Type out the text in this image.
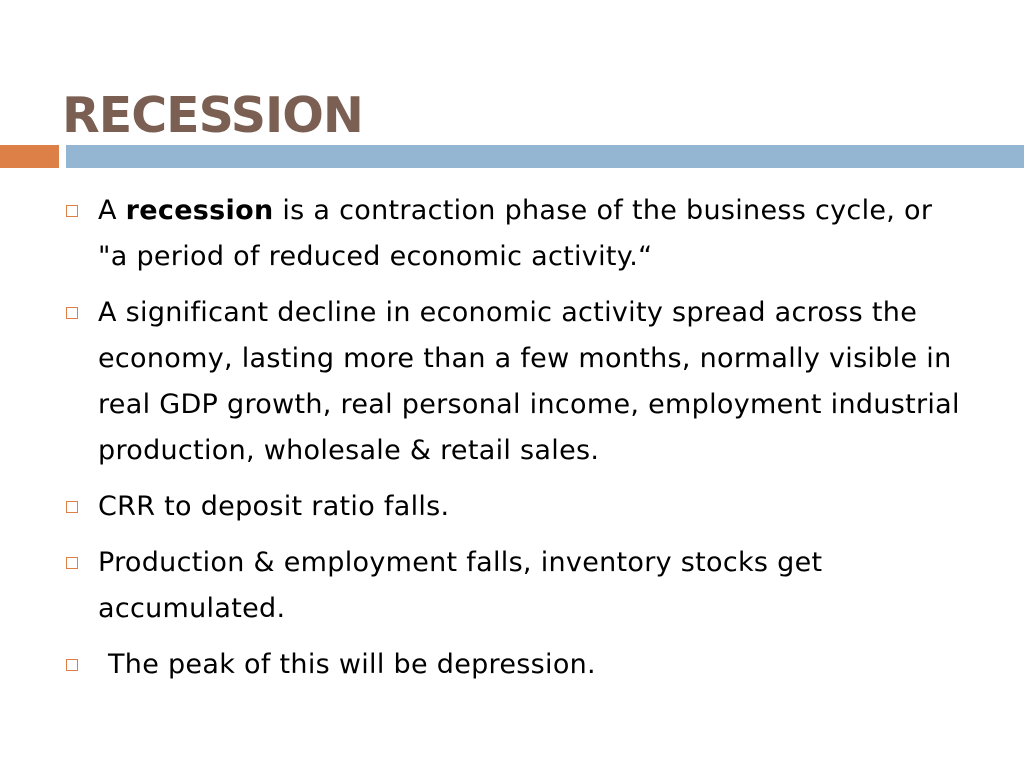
RECESSION
A recession is a contraction phase of the business cycle, or "a period of reduced economic activity.“
A significant decline in economic activity spread across the economy, lasting more than a few months, normally visible in real GDP growth, real personal income, employment industrial production, wholesale & retail sales.
CRR to deposit ratio falls.
Production & employment falls, inventory stocks get accumulated.
The peak of this will be depression.
